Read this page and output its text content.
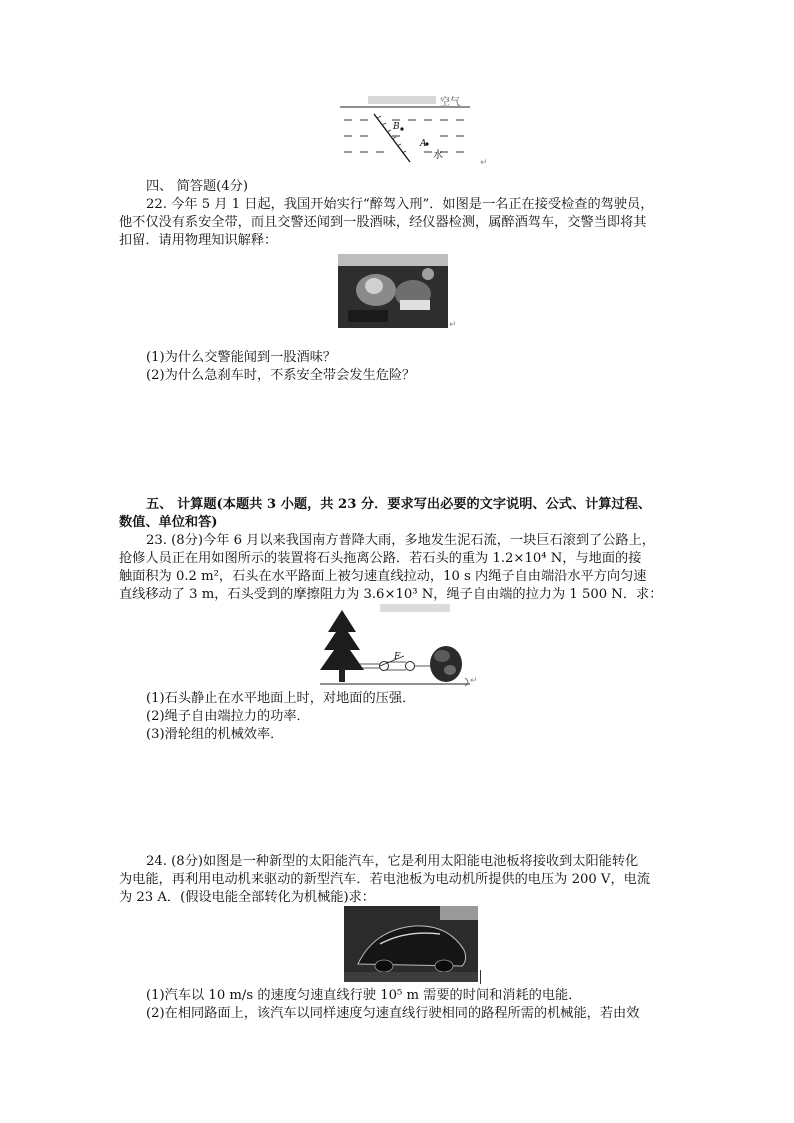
空气
B
A
水
↵
四、 简答题(4分)
22. 今年 5 月 1 日起，我国开始实行“醉驾入刑”．如图是一名正在接受检查的驾驶员，
他不仅没有系安全带，而且交警还闻到一股酒味，经仪器检测，属醉酒驾车，交警当即将其
扣留．请用物理知识解释：
↵
(1)为什么交警能闻到一股酒味？
(2)为什么急刹车时，不系安全带会发生危险？
五、 计算题(本题共 3 小题，共 23 分．要求写出必要的文字说明、公式、计算过程、
数值、单位和答)
23. (8分)今年 6 月以来我国南方普降大雨，多地发生泥石流，一块巨石滚到了公路上，
抢修人员正在用如图所示的装置将石头拖离公路．若石头的重为 1.2×10⁴ N，与地面的接
触面积为 0.2 m²，石头在水平路面上被匀速直线拉动，10 s 内绳子自由端沿水平方向匀速
直线移动了 3 m，石头受到的摩擦阻力为 3.6×10³ N，绳子自由端的拉力为 1 500 N．求：
F
↵
(1)石头静止在水平地面上时，对地面的压强．
(2)绳子自由端拉力的功率．
(3)滑轮组的机械效率．
24. (8分)如图是一种新型的太阳能汽车，它是利用太阳能电池板将接收到太阳能转化
为电能，再利用电动机来驱动的新型汽车．若电池板为电动机所提供的电压为 200 V，电流
为 23 A．(假设电能全部转化为机械能)求：
(1)汽车以 10 m/s 的速度匀速直线行驶 10⁵ m 需要的时间和消耗的电能．
(2)在相同路面上，该汽车以同样速度匀速直线行驶相同的路程所需的机械能，若由效
